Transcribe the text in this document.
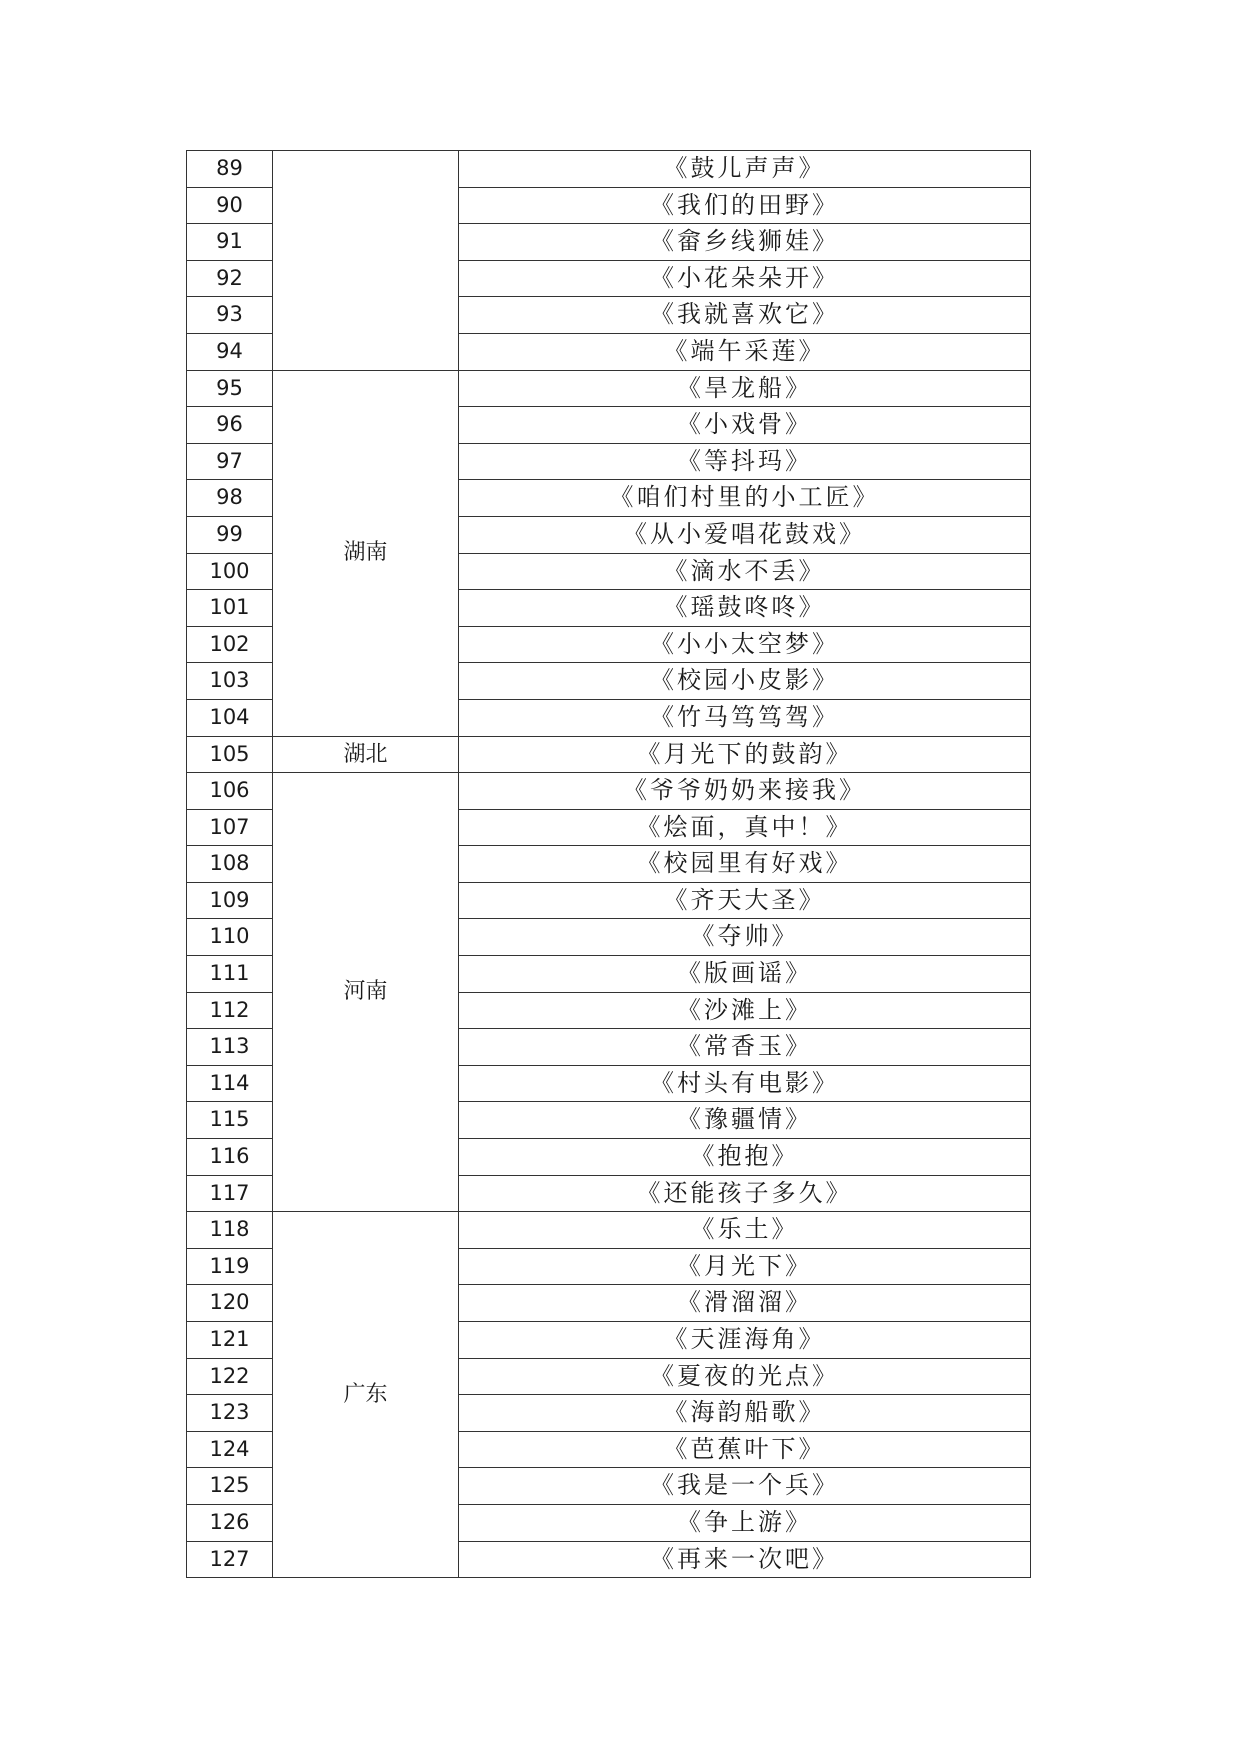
89		《鼓儿声声》
90		《我们的田野》
91		《畲乡线狮娃》
92		《小花朵朵开》
93		《我就喜欢它》
94		《端午采莲》
95	湖南	《旱龙船》
96		《小戏骨》
97		《等抖玛》
98		《咱们村里的小工匠》
99		《从小爱唱花鼓戏》
100		《滴水不丢》
101		《瑶鼓咚咚》
102		《小小太空梦》
103		《校园小皮影》
104		《竹马笃笃驾》
105	湖北	《月光下的鼓韵》
106	河南	《爷爷奶奶来接我》
107		《烩面，真中！》
108		《校园里有好戏》
109		《齐天大圣》
110		《夺帅》
111		《版画谣》
112		《沙滩上》
113		《常香玉》
114		《村头有电影》
115		《豫疆情》
116		《抱抱》
117		《还能孩子多久》
118	广东	《乐土》
119		《月光下》
120		《滑溜溜》
121		《天涯海角》
122		《夏夜的光点》
123		《海韵船歌》
124		《芭蕉叶下》
125		《我是一个兵》
126		《争上游》
127		《再来一次吧》
